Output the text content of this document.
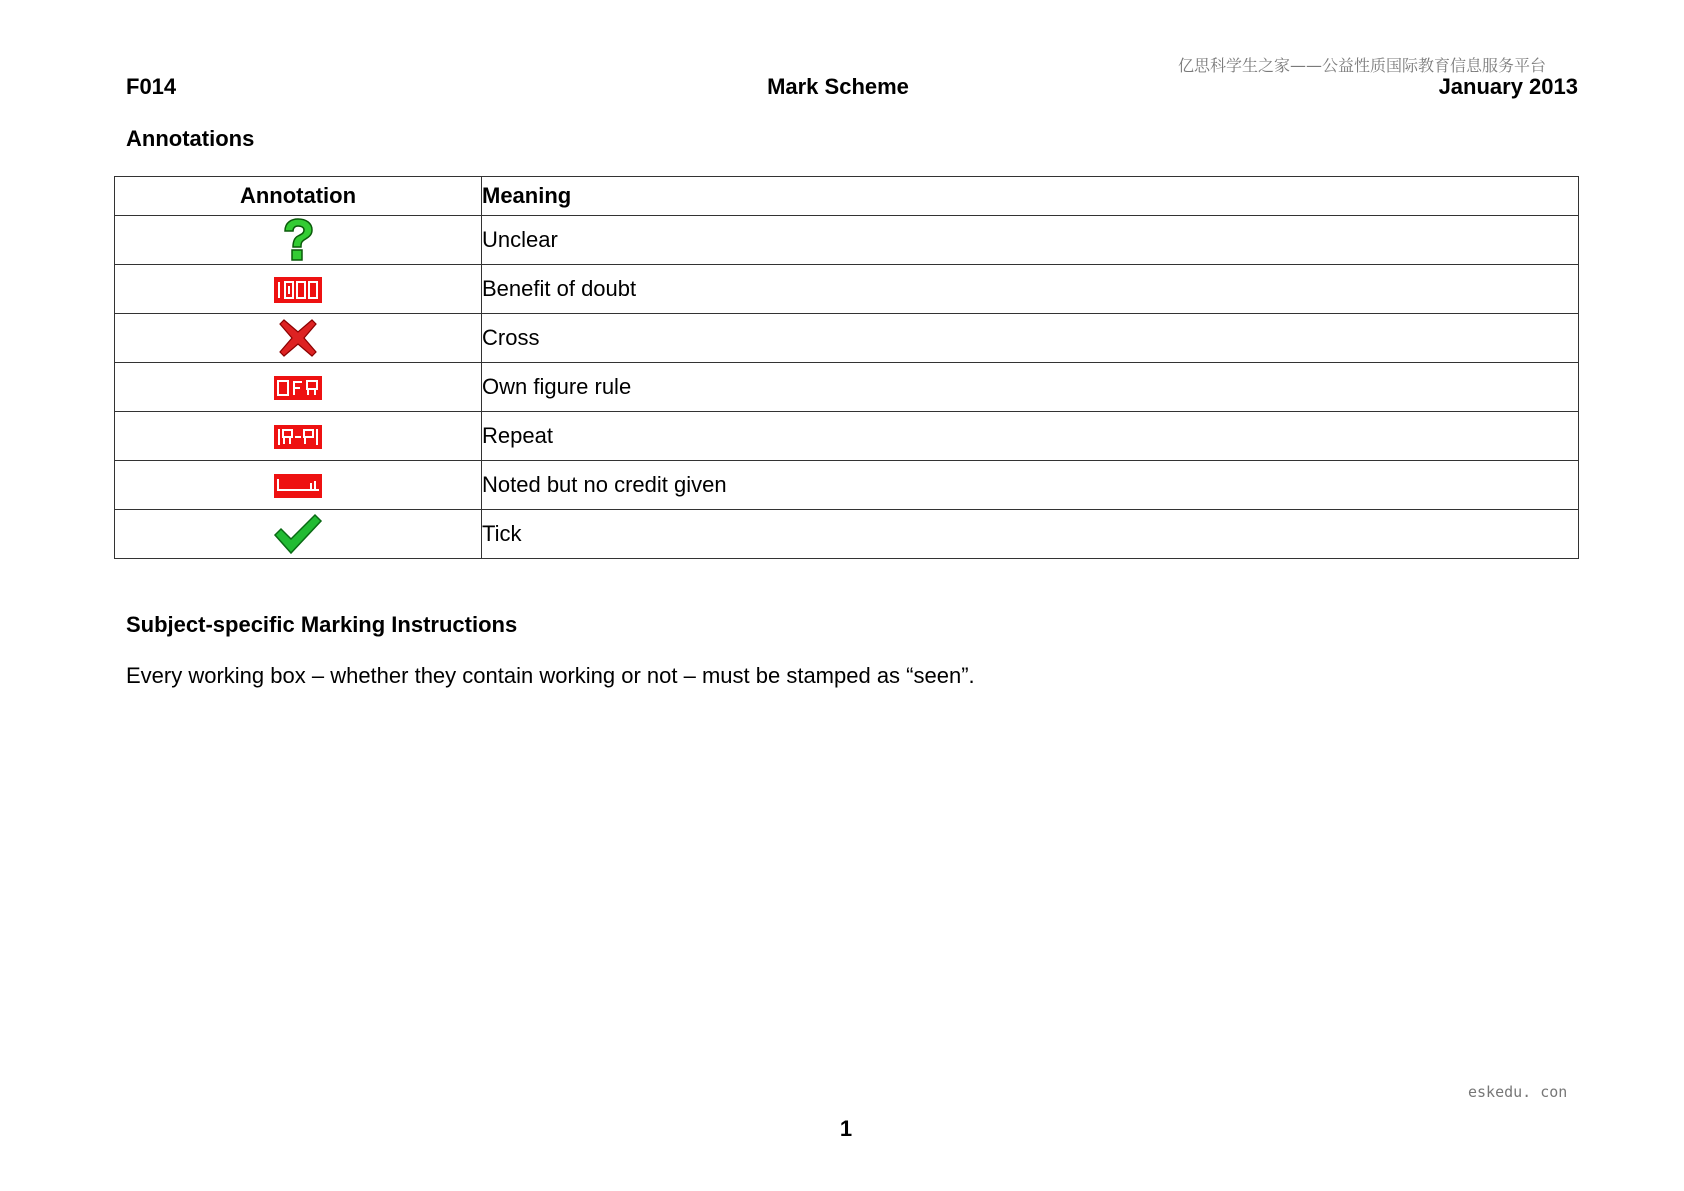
亿思科学生之家——公益性质国际教育信息服务平台
F014	Mark Scheme	January 2013
Annotations
Annotation	Meaning
	Unclear
	Benefit of doubt
	Cross
	Own figure rule
	Repeat
	Noted but no credit given
	Tick
Subject-specific Marking Instructions
Every working box – whether they contain working or not – must be stamped as “seen”.
eskedu. con
1
